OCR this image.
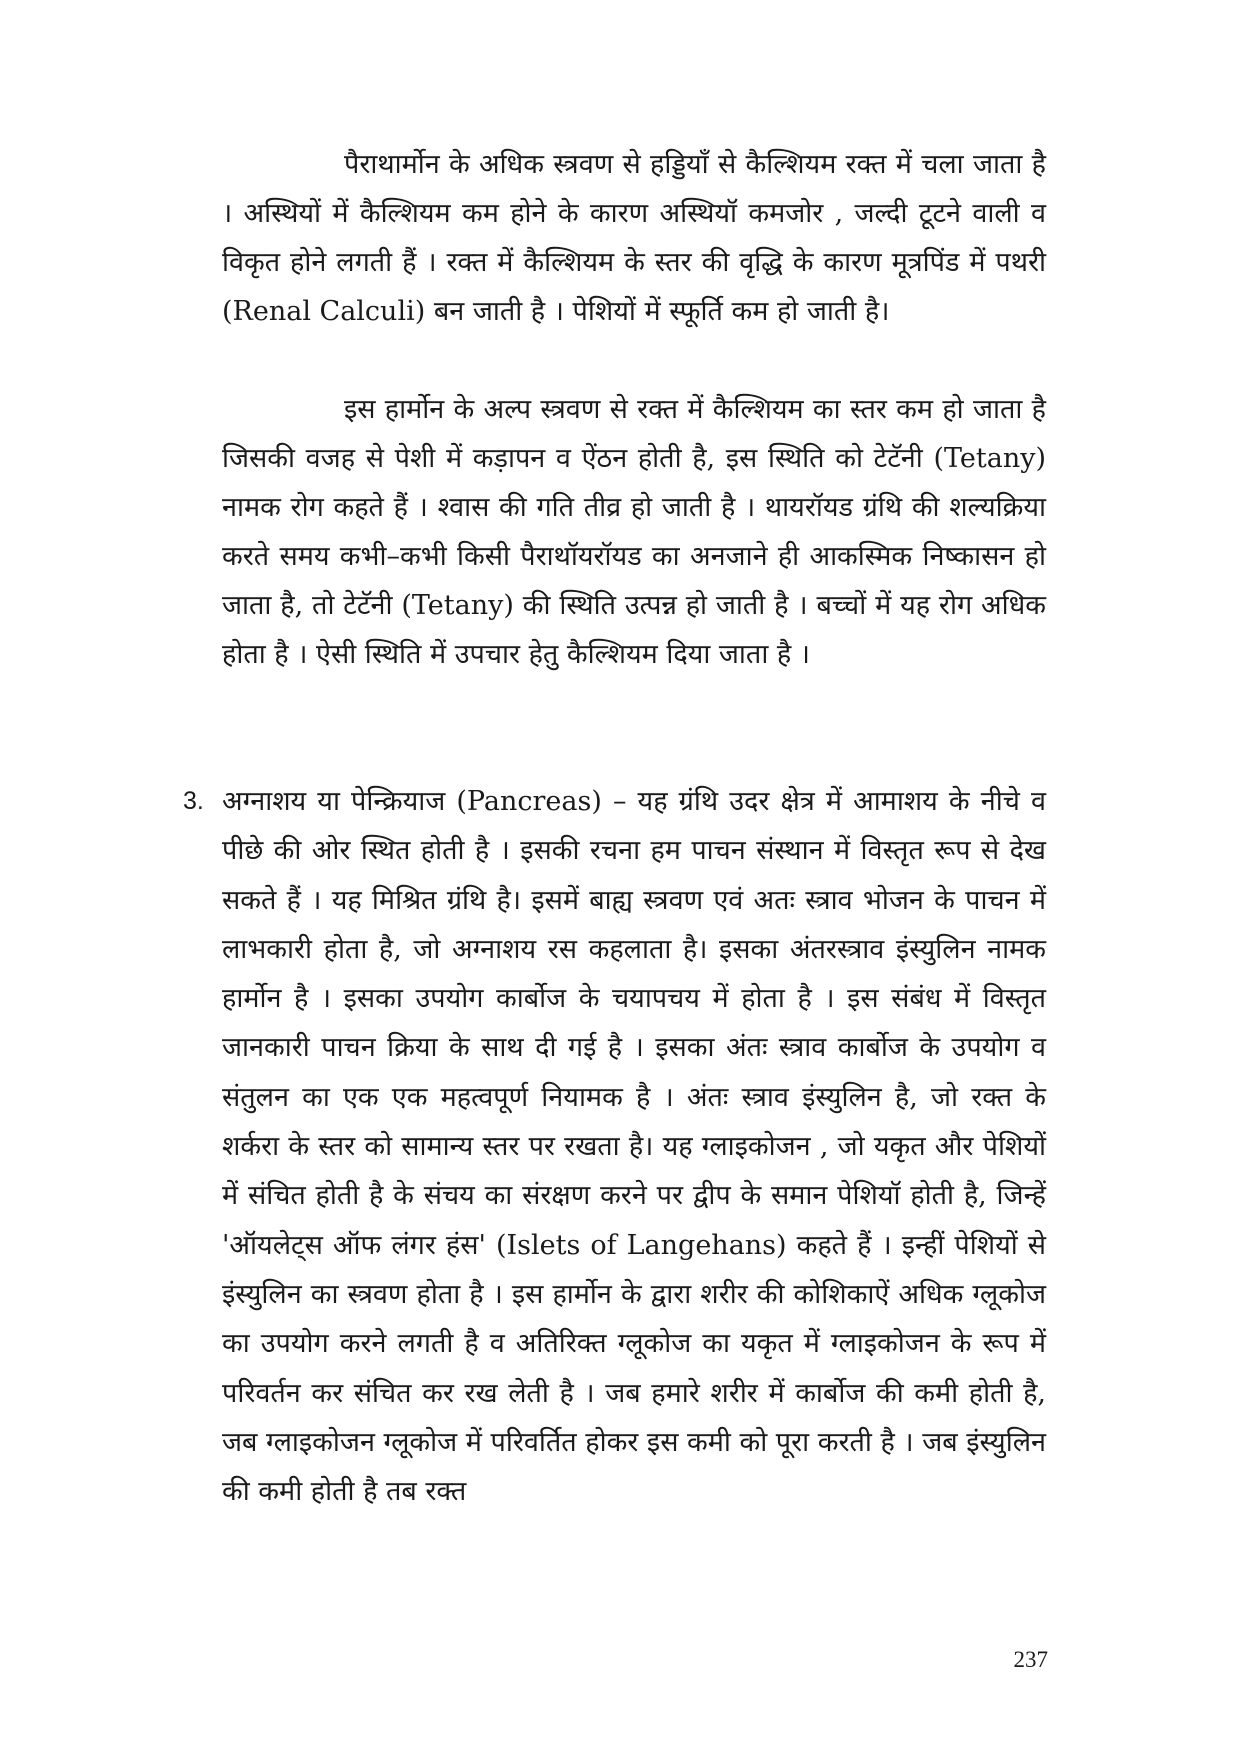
पैराथार्मोन के अधिक स्त्रवण से हड्डियाँ से कैल्शियम रक्त में चला जाता है । अस्थियों में कैल्शियम कम होने के कारण अस्थियॉ कमजोर , जल्दी टूटने वाली व विकृत होने लगती हैं । रक्त में कैल्शियम के स्तर की वृद्धि के कारण मूत्रपिंड में पथरी (Renal Calculi) बन जाती है । पेशियों में स्फूर्ति कम हो जाती है।

इस हार्मोन के अल्प स्त्रवण से रक्त में कैल्शियम का स्तर कम हो जाता है जिसकी वजह से पेशी में कड़ापन व ऐंठन होती है, इस स्थिति को टेटॅनी (Tetany) नामक रोग कहते हैं । श्वास की गति तीव्र हो जाती है । थायरॉयड ग्रंथि की शल्यक्रिया करते समय कभी–कभी किसी पैराथॉयरॉयड का अनजाने ही आकस्मिक निष्कासन हो जाता है, तो टेटॅनी (Tetany) की स्थिति उत्पन्न हो जाती है । बच्चों में यह रोग अधिक होता है । ऐसी स्थिति में उपचार हेतु कैल्शियम दिया जाता है ।

3. अग्नाशय या पेन्क्रियाज (Pancreas) – यह ग्रंथि उदर क्षेत्र में आमाशय के नीचे व पीछे की ओर स्थित होती है । इसकी रचना हम पाचन संस्थान में विस्तृत रूप से देख सकते हैं । यह मिश्रित ग्रंथि है। इसमें बाह्य स्त्रवण एवं अतः स्त्राव भोजन के पाचन में लाभकारी होता है, जो अग्नाशय रस कहलाता है। इसका अंतरस्त्राव इंस्युलिन नामक हार्मोन है । इसका उपयोग कार्बोज के चयापचय में होता है । इस संबंध में विस्तृत जानकारी पाचन क्रिया के साथ दी गई है । इसका अंतः स्त्राव कार्बोज के उपयोग व संतुलन का एक एक महत्वपूर्ण नियामक है । अंतः स्त्राव इंस्युलिन है, जो रक्त के शर्करा के स्तर को सामान्य स्तर पर रखता है। यह ग्लाइकोजन , जो यकृत और पेशियों में संचित होती है के संचय का संरक्षण करने पर द्वीप के समान पेशियॉ होती है, जिन्हें 'ऑयलेट्स ऑफ लंगर हंस' (Islets of Langehans) कहते हैं । इन्हीं पेशियों से इंस्युलिन का स्त्रवण होता है । इस हार्मोन के द्वारा शरीर की कोशिकाऐं अधिक ग्लूकोज का उपयोग करने लगती है व अतिरिक्त ग्लूकोज का यकृत में ग्लाइकोजन के रूप में परिवर्तन कर संचित कर रख लेती है । जब हमारे शरीर में कार्बोज की कमी होती है, जब ग्लाइकोजन ग्लूकोज में परिवर्तित होकर इस कमी को पूरा करती है । जब इंस्युलिन की कमी होती है तब रक्त

237
